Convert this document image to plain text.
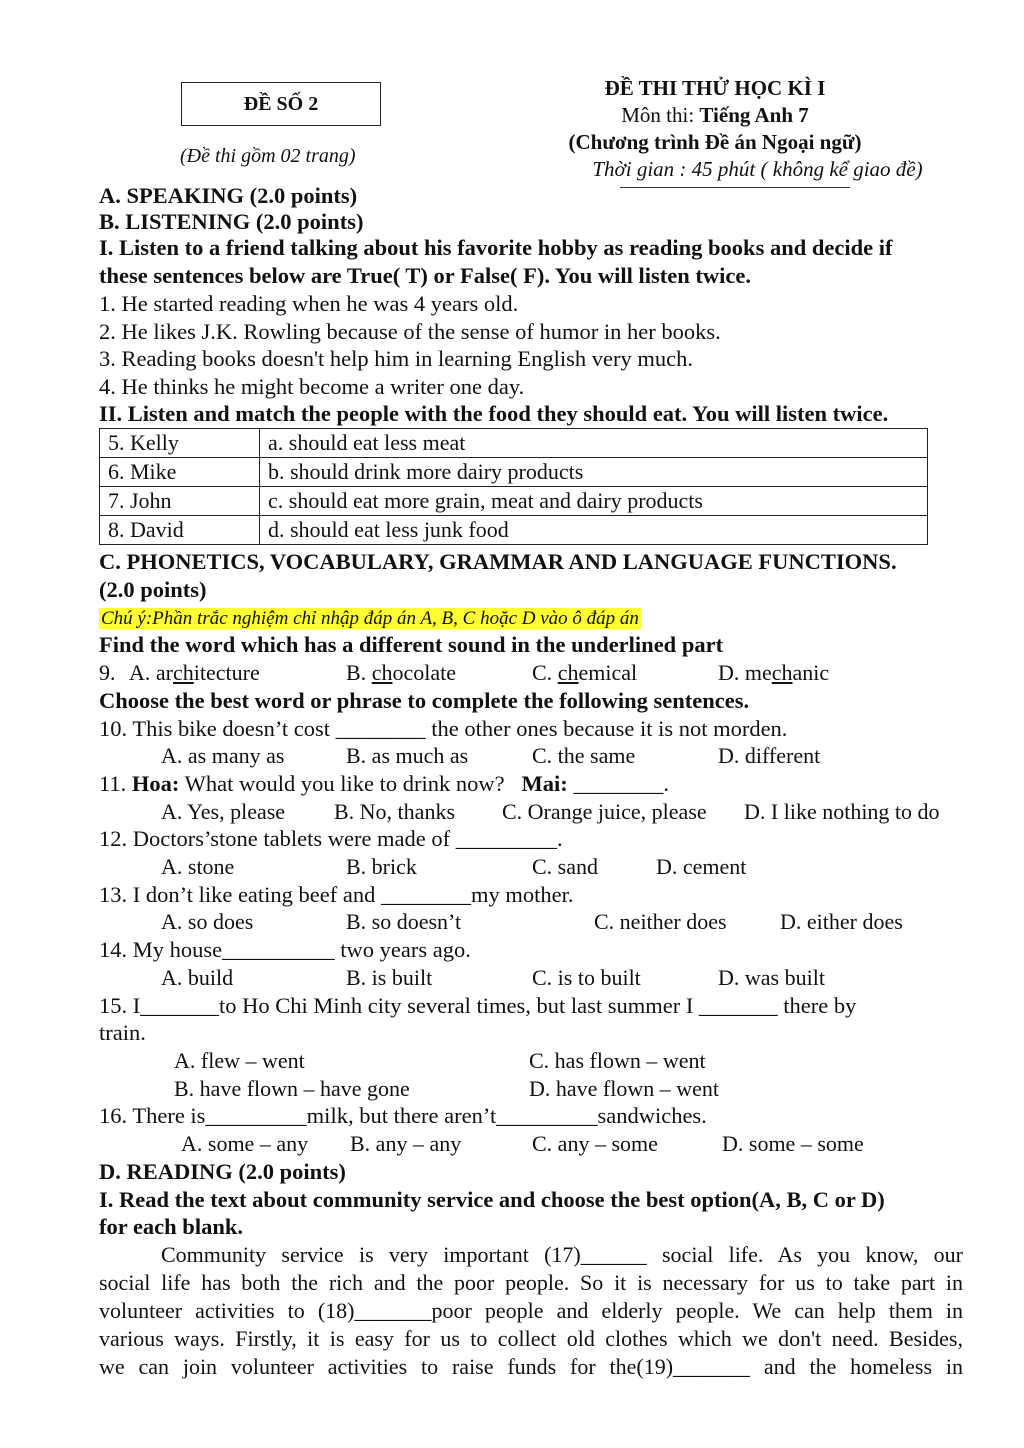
ĐỀ SỐ 2
(Đề thi gồm 02 trang)
ĐỀ THI THỬ HỌC KÌ I
Môn thi: Tiếng Anh 7
(Chương trình Đề án Ngoại ngữ)
Thời gian : 45 phút ( không kể giao đề)
A. SPEAKING (2.0 points)
B. LISTENING (2.0 points)
I. Listen to a friend talking about his favorite hobby as reading books and decide if
these sentences below are True( T) or False( F). You will listen twice.
1. He started reading when he was 4 years old.
2. He likes J.K. Rowling because of the sense of humor in her books.
3. Reading books doesn't help him in learning English very much.
4. He thinks he might become a writer one day.
II. Listen and match the people with the food they should eat. You will listen twice.
5. Kelly	a. should eat less meat
6. Mike	b. should drink more dairy products
7. John	c. should eat more grain, meat and dairy products
8. David	d. should eat less junk food
C. PHONETICS, VOCABULARY, GRAMMAR AND LANGUAGE FUNCTIONS.
(2.0 points)
Chú ý:Phần trắc nghiệm chỉ nhập đáp án A, B, C hoặc D vào ô đáp án
Find the word which has a different sound in the underlined part
9. A. architecture	B. chocolate	C. chemical	D. mechanic
Choose the best word or phrase to complete the following sentences.
10. This bike doesn’t cost ________ the other ones because it is not morden.
A. as many as	B. as much as	C. the same	D. different
11. Hoa: What would you like to drink now?   Mai: ________.
A. Yes, please B. No, thanks C. Orange juice, please D. I like nothing to do
12. Doctors’stone tablets were made of _________.
A. stone	B. brick	C. sand	D. cement
13. I don’t like eating beef and ________my mother.
A. so does	B. so doesn’t	C. neither does D. either does
14. My house__________ two years ago.
A. build	B. is built	C. is to built	D. was built
15. I_______to Ho Chi Minh city several times, but last summer I _______ there by
train.
A. flew – went	C. has flown – went
B. have flown – have gone	D. have flown – went
16. There is_________milk, but there aren’t_________sandwiches.
A. some – any B. any – any	C. any – some	D. some – some
D. READING (2.0 points)
I. Read the text about community service and choose the best option(A, B, C or D)
for each blank.
Community service is very important (17)______ social life. As you know, our
social life has both the rich and the poor people. So it is necessary for us to take part in
volunteer activities to (18)_______poor people and elderly people. We can help them in
various ways. Firstly, it is easy for us to collect old clothes which we don't need. Besides,
we can join volunteer activities to raise funds for the(19)_______ and the homeless in
